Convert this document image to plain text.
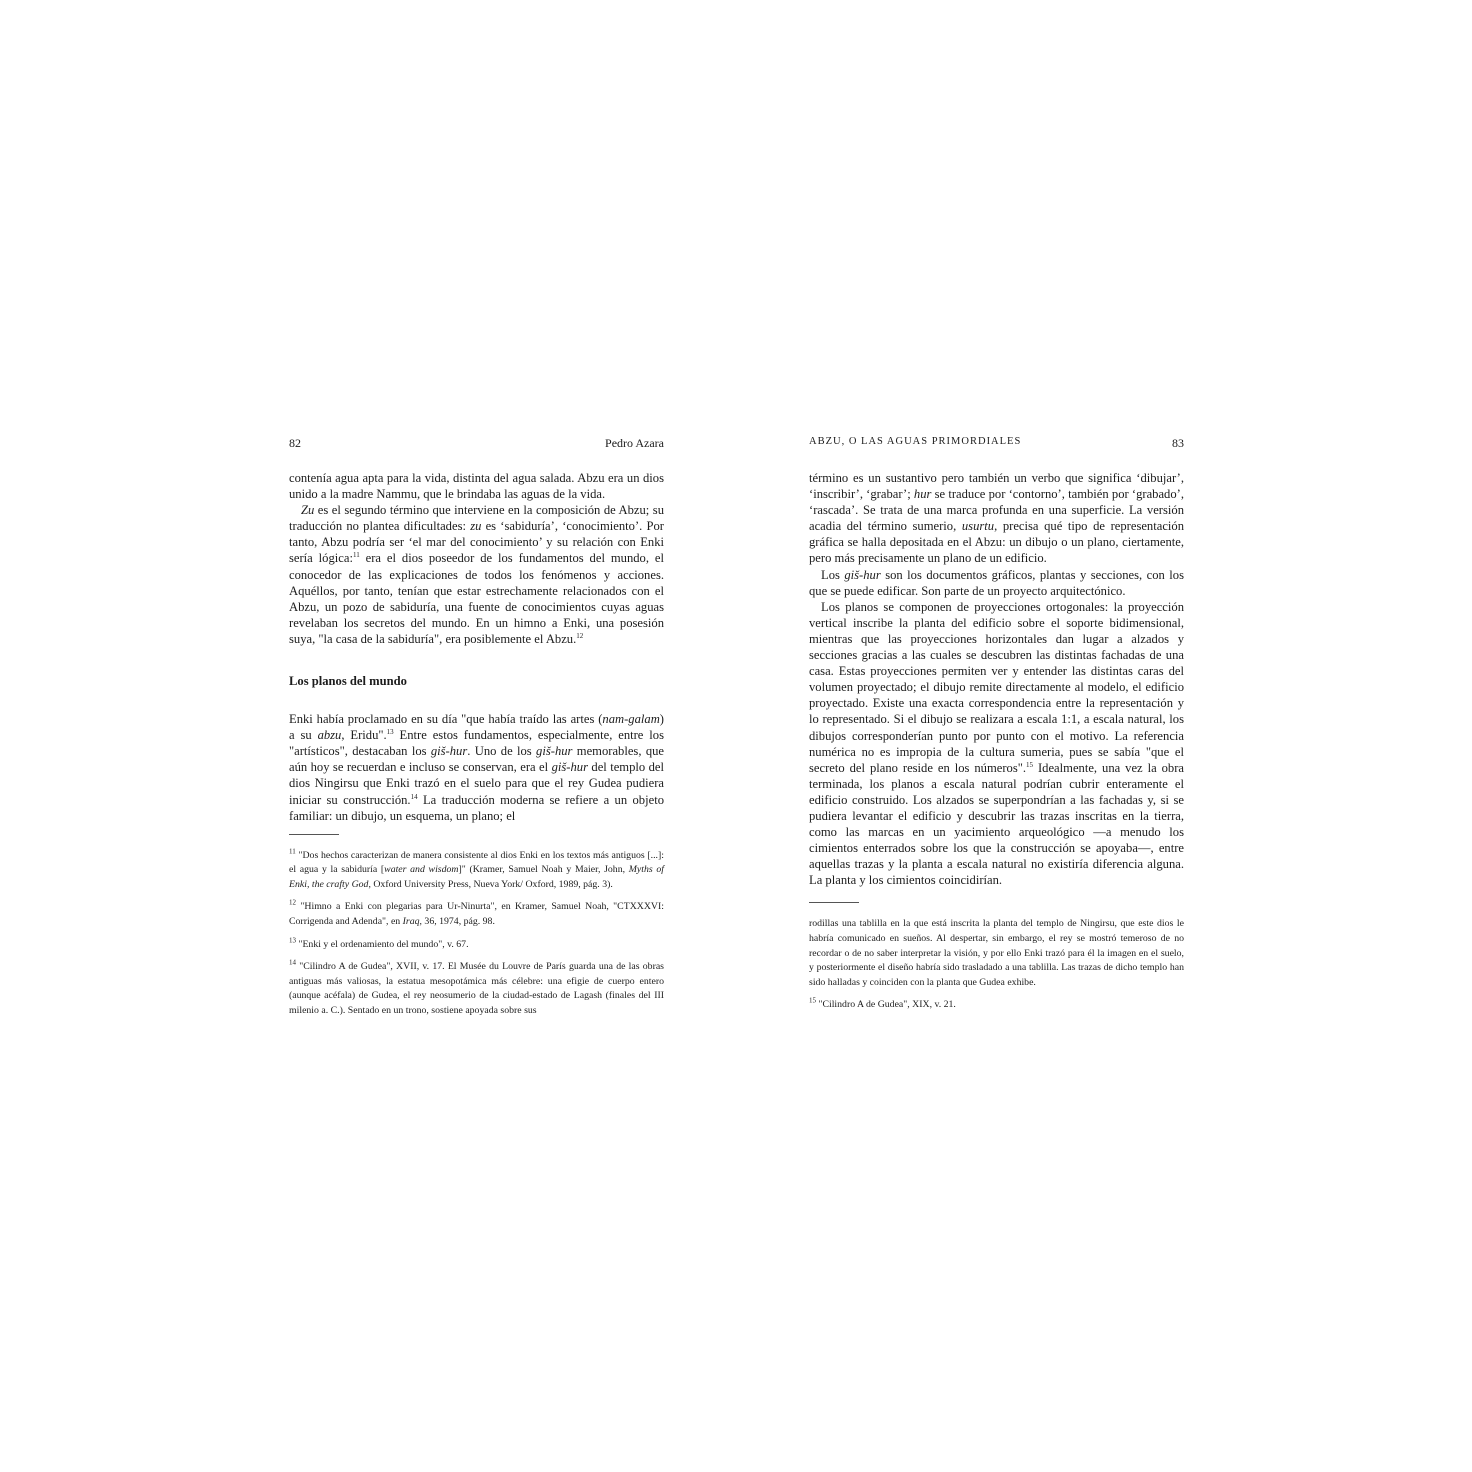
82	Pedro Azara

contenía agua apta para la vida, distinta del agua salada. Abzu era un dios unido a la madre Nammu, que le brindaba las aguas de la vida.

Zu es el segundo término que interviene en la composición de Abzu; su traducción no plantea dificultades: zu es ‘sabiduría’, ‘conocimiento’. Por tanto, Abzu podría ser ‘el mar del conocimiento’ y su relación con Enki sería lógica:$^{11}$ era el dios poseedor de los fundamentos del mundo, el conocedor de las explicaciones de todos los fenómenos y acciones. Aquéllos, por tanto, tenían que estar estrechamente relacionados con el Abzu, un pozo de sabiduría, una fuente de conocimientos cuyas aguas revelaban los secretos del mundo. En un himno a Enki, una posesión suya, "la casa de la sabiduría", era posiblemente el Abzu.$^{12}$

Los planos del mundo

Enki había proclamado en su día "que había traído las artes (nam-galam) a su abzu, Eridu".$^{13}$ Entre estos fundamentos, especialmente, entre los "artísticos", destacaban los giš-hur. Uno de los giš-hur memorables, que aún hoy se recuerdan e incluso se conservan, era el giš-hur del templo del dios Ningirsu que Enki trazó en el suelo para que el rey Gudea pudiera iniciar su construcción.$^{14}$ La traducción moderna se refiere a un objeto familiar: un dibujo, un esquema, un plano; el

$^{11}$ "Dos hechos caracterizan de manera consistente al dios Enki en los textos más antiguos [...]: el agua y la sabiduría [water and wisdom]" (Kramer, Samuel Noah y Maier, John, Myths of Enki, the crafty God, Oxford University Press, Nueva York/ Oxford, 1989, pág. 3).

$^{12}$ "Himno a Enki con plegarias para Ur-Ninurta", en Kramer, Samuel Noah, "CTXXXVI: Corrigenda and Adenda", en Iraq, 36, 1974, pág. 98.

$^{13}$ "Enki y el ordenamiento del mundo", v. 67.

$^{14}$ "Cilindro A de Gudea", XVII, v. 17. El Musée du Louvre de París guarda una de las obras antiguas más valiosas, la estatua mesopotámica más célebre: una efigie de cuerpo entero (aunque acéfala) de Gudea, el rey neosumerio de la ciudad-estado de Lagash (finales del III milenio a. C.). Sentado en un trono, sostiene apoyada sobre sus

ABZU, O LAS AGUAS PRIMORDIALES	83

término es un sustantivo pero también un verbo que significa ‘dibujar’, ‘inscribir’, ‘grabar’; hur se traduce por ‘contorno’, también por ‘grabado’, ‘rascada’. Se trata de una marca profunda en una superficie. La versión acadia del término sumerio, usurtu, precisa qué tipo de representación gráfica se halla depositada en el Abzu: un dibujo o un plano, ciertamente, pero más precisamente un plano de un edificio.

Los giš-hur son los documentos gráficos, plantas y secciones, con los que se puede edificar. Son parte de un proyecto arquitectónico.

Los planos se componen de proyecciones ortogonales: la proyección vertical inscribe la planta del edificio sobre el soporte bidimensional, mientras que las proyecciones horizontales dan lugar a alzados y secciones gracias a las cuales se descubren las distintas fachadas de una casa. Estas proyecciones permiten ver y entender las distintas caras del volumen proyectado; el dibujo remite directamente al modelo, el edificio proyectado. Existe una exacta correspondencia entre la representación y lo representado. Si el dibujo se realizara a escala 1:1, a escala natural, los dibujos corresponderían punto por punto con el motivo. La referencia numérica no es impropia de la cultura sumeria, pues se sabía "que el secreto del plano reside en los números".$^{15}$ Idealmente, una vez la obra terminada, los planos a escala natural podrían cubrir enteramente el edificio construido. Los alzados se superpondrían a las fachadas y, si se pudiera levantar el edificio y descubrir las trazas inscritas en la tierra, como las marcas en un yacimiento arqueológico —a menudo los cimientos enterrados sobre los que la construcción se apoyaba—, entre aquellas trazas y la planta a escala natural no existiría diferencia alguna. La planta y los cimientos coincidirían.

rodillas una tablilla en la que está inscrita la planta del templo de Ningirsu, que este dios le habría comunicado en sueños. Al despertar, sin embargo, el rey se mostró temeroso de no recordar o de no saber interpretar la visión, y por ello Enki trazó para él la imagen en el suelo, y posteriormente el diseño habría sido trasladado a una tablilla. Las trazas de dicho templo han sido halladas y coinciden con la planta que Gudea exhibe.

$^{15}$ "Cilindro A de Gudea", XIX, v. 21.
